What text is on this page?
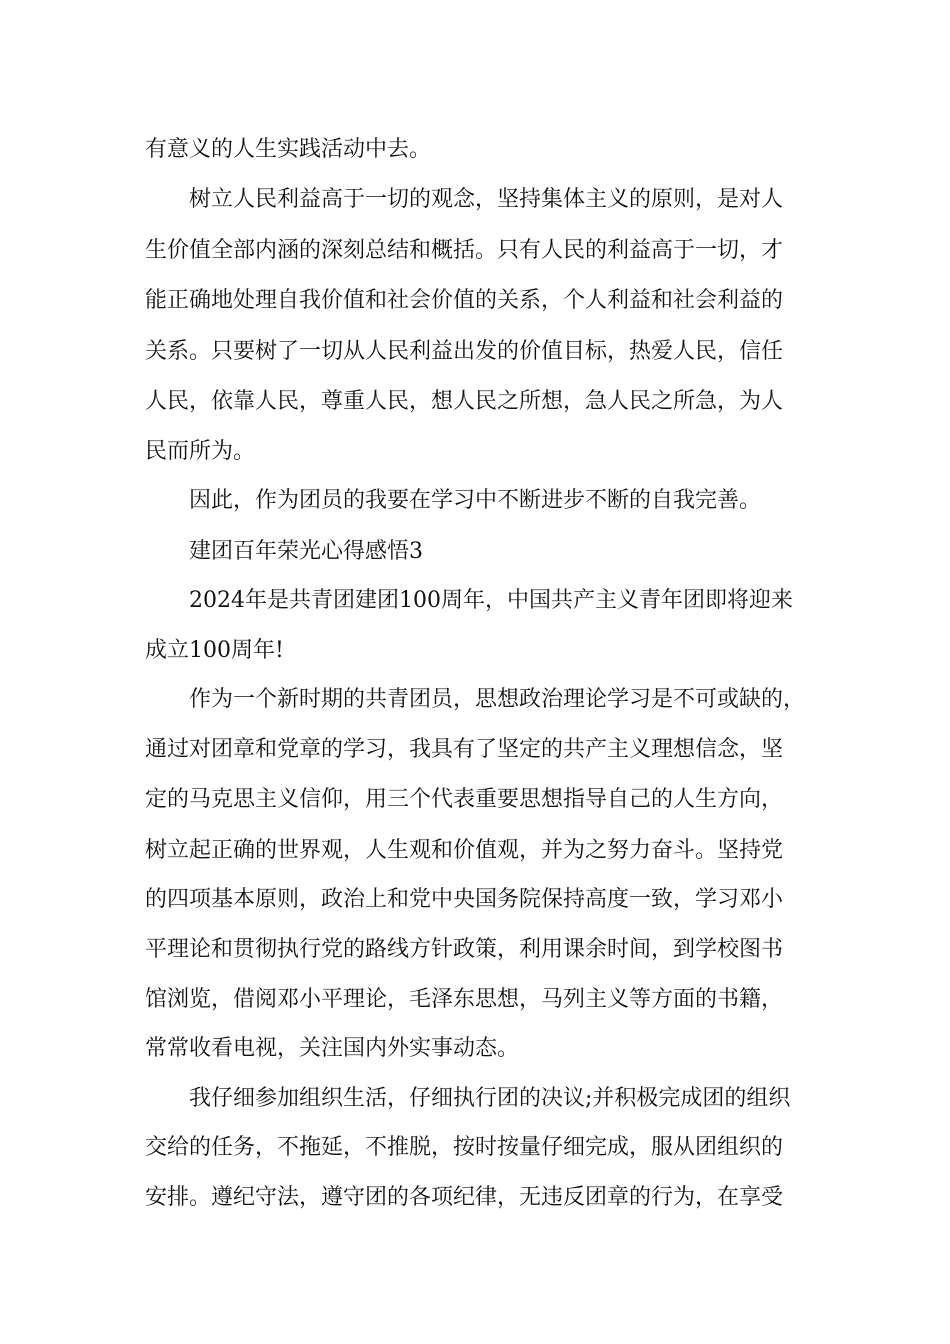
有意义的人生实践活动中去。

树立人民利益高于一切的观念，坚持集体主义的原则，是对人

生价值全部内涵的深刻总结和概括。只有人民的利益高于一切，才

能正确地处理自我价值和社会价值的关系，个人利益和社会利益的

关系。只要树了一切从人民利益出发的价值目标，热爱人民，信任

人民，依靠人民，尊重人民，想人民之所想，急人民之所急，为人

民而所为。

因此，作为团员的我要在学习中不断进步不断的自我完善。

建团百年荣光心得感悟3

2024年是共青团建团100周年，中国共产主义青年团即将迎来

成立100周年!

作为一个新时期的共青团员，思想政治理论学习是不可或缺的，

通过对团章和党章的学习，我具有了坚定的共产主义理想信念，坚

定的马克思主义信仰，用三个代表重要思想指导自己的人生方向，

树立起正确的世界观，人生观和价值观，并为之努力奋斗。坚持党

的四项基本原则，政治上和党中央国务院保持高度一致，学习邓小

平理论和贯彻执行党的路线方针政策，利用课余时间，到学校图书

馆浏览，借阅邓小平理论，毛泽东思想，马列主义等方面的书籍，

常常收看电视，关注国内外实事动态。

我仔细参加组织生活，仔细执行团的决议;并积极完成团的组织

交给的任务，不拖延，不推脱，按时按量仔细完成，服从团组织的

安排。遵纪守法，遵守团的各项纪律，无违反团章的行为，在享受
